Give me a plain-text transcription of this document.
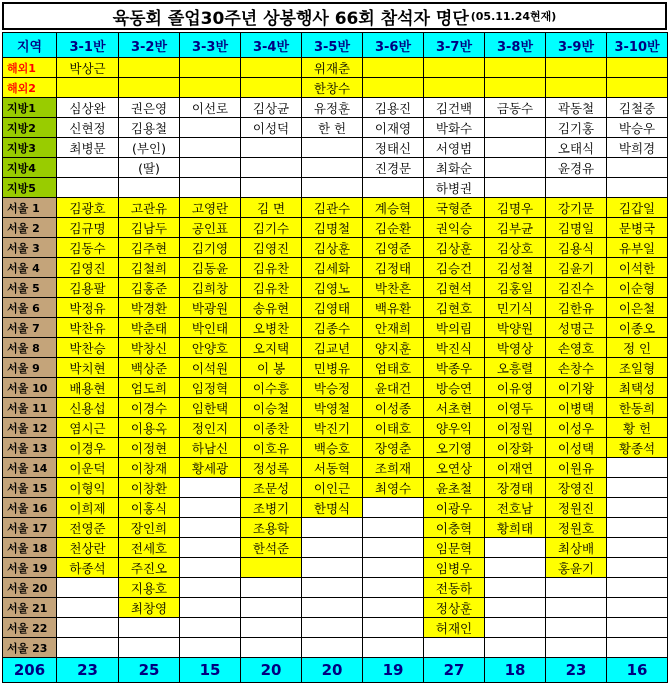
육동회 졸업30주년 상봉행사 66회 참석자 명단 (05.11.24현재)
지역	3-1반	3-2반	3-3반	3-4반	3-5반	3-6반	3-7반	3-8반	3-9반	3-10반
해외1	박상근				위재춘					
해외2					한창수					
지방1	심상완	권은영	이선로	김상균	유정훈	김용진	김건백	금동수	곽동철	김철중
지방2	신현정	김용철		이성덕	한 헌	이재영	박화수		김기홍	박승우
지방3	최병문	(부인)				정태신	서영범		오태식	박희경
지방4		(딸)				진경문	최화순		윤경유	
지방5							하병권			
서울 1	김광호	고관유	고영란	김 면	김관수	계승혁	국형준	김명우	강기문	김갑일
서울 2	김규명	김남두	공인표	김기수	김명철	김순환	권익승	김부균	김명일	문병국
서울 3	김동수	김주현	김기영	김영진	김상훈	김영준	김상훈	김상호	김용식	유부일
서울 4	김영진	김철희	김동윤	김유찬	김세화	김정태	김승건	김성철	김윤기	이석한
서울 5	김용팔	김홍준	김희창	김유찬	김영노	박찬흔	김현석	김홍일	김진수	이순형
서울 6	박정유	박경환	박광원	송유현	김영태	백유환	김현호	민기식	김한유	이은철
서울 7	박찬유	박춘태	박인태	오병찬	김종수	안재희	박의림	박양원	성명근	이종오
서울 8	박찬승	박창신	안양호	오지택	김교년	양지훈	박진식	박영상	손영호	정 인
서울 9	박치현	백상준	이석원	이 봉	민병유	엄태호	박종우	오흥렬	손창수	조일형
서울 10	배용현	엄도희	임정혁	이수흥	박승정	윤대건	방승연	이유영	이기왕	최택성
서울 11	신용섭	이경수	임한택	이승철	박영철	이성종	서초현	이영두	이병택	한동희
서울 12	염시근	이용옥	정인지	이종찬	박진기	이태호	양우익	이정원	이성우	황 헌
서울 13	이경우	이정현	하남신	이호유	백승호	장영춘	오기영	이장화	이성택	황종석
서울 14	이운덕	이창재	황세광	정성록	서동혁	조희재	오연상	이재연	이원유	
서울 15	이형익	이창환		조문성	이인근	최영수	윤초철	장경태	장영진	
서울 16	이희제	이홍식		조병기	한명식		이광우	전호남	정원진	
서울 17	전영준	장인희		조용학			이충혁	황희태	정원호	
서울 18	천상란	전세호		한석준			임문혁		최상배	
서울 19	하종석	주진오					임병우		홍윤기	
서울 20		지용호					전동하			
서울 21		최창영					정상훈			
서울 22							허재인			
서울 23										
206	23	25	15	20	20	19	27	18	23	16
